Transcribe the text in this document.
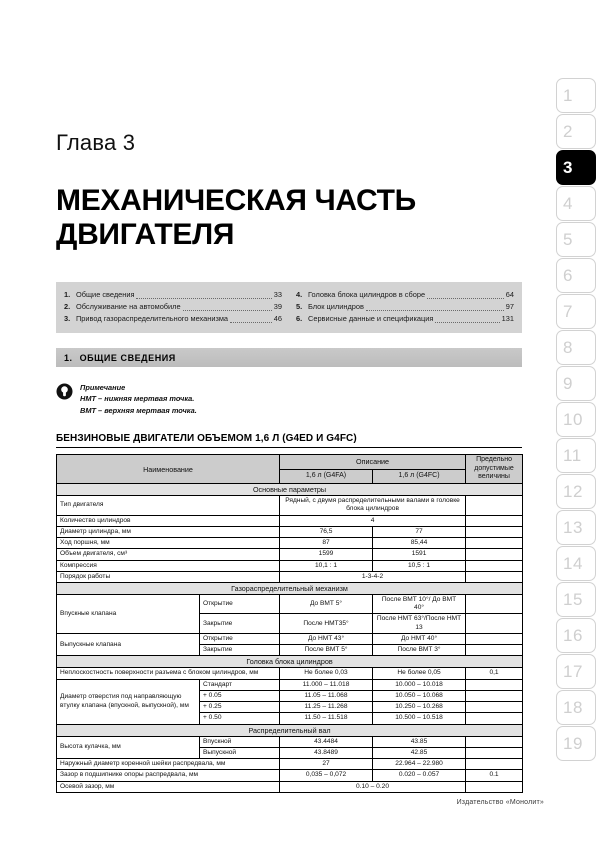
1
2
3
4
5
6
7
8
9
10
11
12
13
14
15
16
17
18
19
Глава 3
МЕХАНИЧЕСКАЯ ЧАСТЬ ДВИГАТЕЛЯ
1. Общие сведения	33
2. Обслуживание на автомобиле	39
3. Привод газораспределительного механизма	46
4. Головка блока цилиндров в сборе	64
5. Блок цилиндров	97
6. Сервисные данные и спецификация	131
1. ОБЩИЕ СВЕДЕНИЯ
Примечание
НМТ – нижняя мертвая точка.
ВМТ – верхняя мертвая точка.
БЕНЗИНОВЫЕ ДВИГАТЕЛИ ОБЪЕМОМ 1,6 Л (G4ED И G4FC)
Наименование		Описание		Предельно допустимые величины
		1,6 л (G4FA)	1,6 л (G4FC)	
Основные параметры				
Тип двигателя		Рядный, с двумя распределительными валами в головке блока цилиндров		
Количество цилиндров		4		
Диаметр цилиндра, мм		76,5	77	
Ход поршня, мм		87	85,44	
Объем двигателя, см³		1599	1591	
Компрессия		10,1 : 1	10,5 : 1	
Порядок работы		1-3-4-2		
Газораспределительный механизм				
Впускные клапана	Открытие	До ВМТ 5°	После ВМТ 10°/ До ВМТ 40°	
	Закрытие	После НМТ35°	После НМТ 63°/После НМТ 13	
Выпускные клапана	Открытие	До НМТ 43°	До НМТ 40°	
	Закрытие	После ВМТ 5°	После ВМТ 3°	
Головка блока цилиндров				
Неплоскостность поверхности разъема с блоком цилиндров, мм		Не более 0,03	Не более 0,05	0,1
Диаметр отверстия под направляющую втулку клапана (впускной, выпускной), мм	Стандарт	11.000 – 11.018	10.000 – 10.018	
	+ 0.05	11.05 – 11.068	10.050 – 10.068	
	+ 0.25	11.25 – 11.268	10.250 – 10.268	
	+ 0.50	11.50 – 11.518	10.500 – 10.518	
Распределительный вал				
Высота кулачка, мм	Впускной	43.4484	43.85	
	Выпускной	43.8489	42.85	
Наружный диаметр коренной шейки распредвала, мм		27	22.964 – 22.980	
Зазор в подшипнике опоры распредвала, мм		0,035 – 0,072	0.020 – 0.057	0.1
Осевой зазор, мм		0.10 – 0.20		
Издательство «Монолит»
